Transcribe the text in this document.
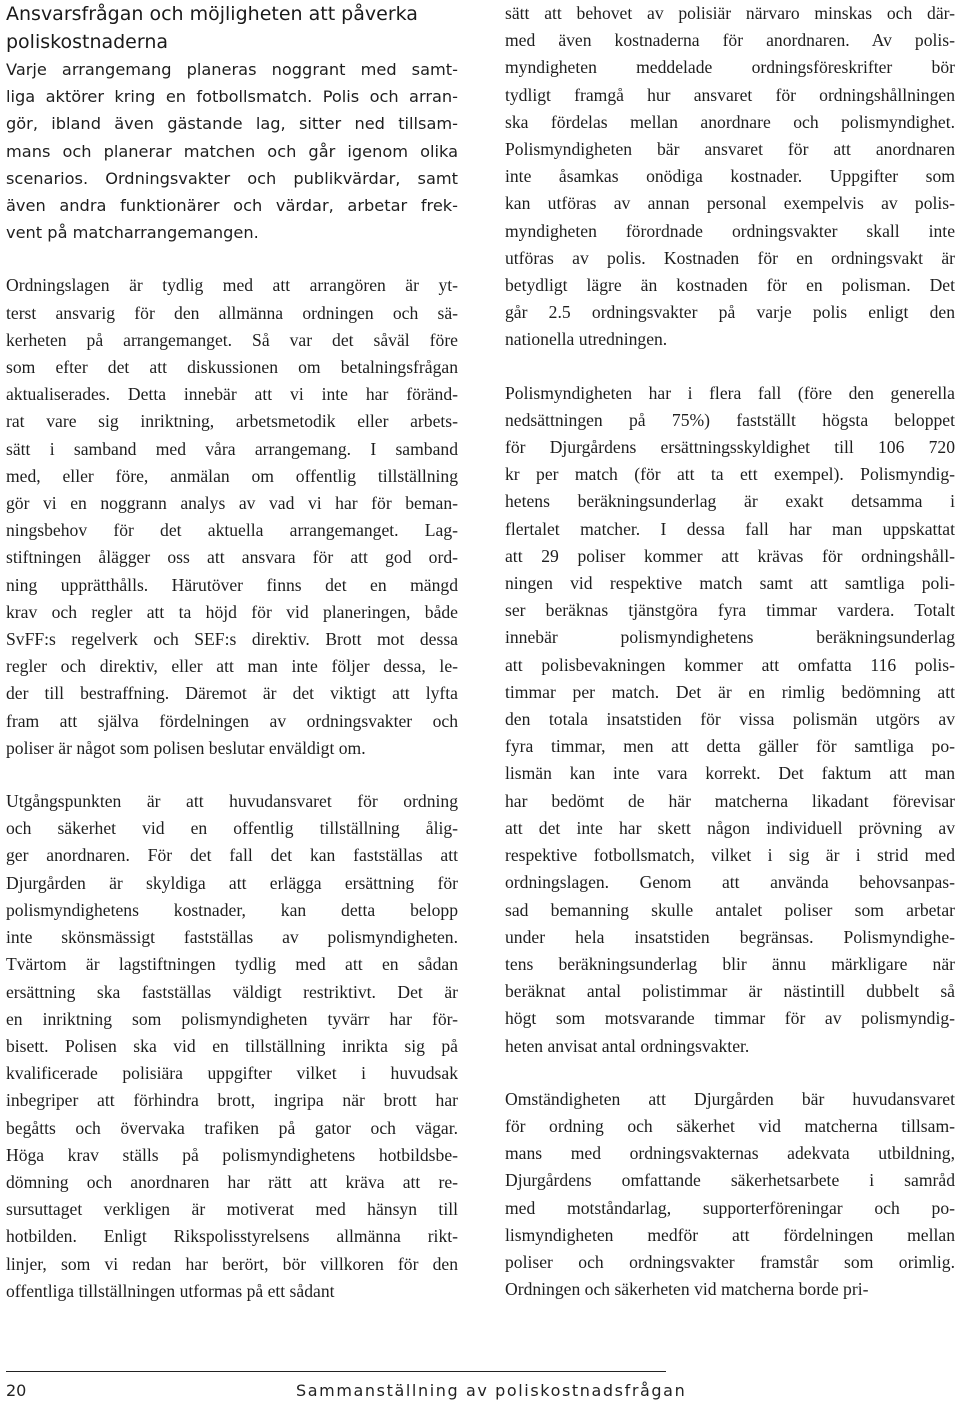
Ansvarsfrågan och möjligheten att påverka
poliskostnaderna

Varje arrangemang planeras noggrant med samt-
liga aktörer kring en fotbollsmatch. Polis och arran-
gör, ibland även gästande lag, sitter ned tillsam-
mans och planerar matchen och går igenom olika
scenarios. Ordningsvakter och publikvärdar, samt
även andra funktionärer och värdar, arbetar frek-
vent på matcharrangemangen.

Ordningslagen är tydlig med att arrangören är yt-
terst ansvarig för den allmänna ordningen och sä-
kerheten på arrangemanget. Så var det såväl före
som efter det att diskussionen om betalningsfrågan
aktualiserades. Detta innebär att vi inte har föränd-
rat vare sig inriktning, arbetsmetodik eller arbets-
sätt i samband med våra arrangemang. I samband
med, eller före, anmälan om offentlig tillställning
gör vi en noggrann analys av vad vi har för beman-
ningsbehov för det aktuella arrangemanget. Lag-
stiftningen ålägger oss att ansvara för att god ord-
ning upprätthålls. Härutöver finns det en mängd
krav och regler att ta höjd för vid planeringen, både
SvFF:s regelverk och SEF:s direktiv. Brott mot dessa
regler och direktiv, eller att man inte följer dessa, le-
der till bestraffning. Däremot är det viktigt att lyfta
fram att själva fördelningen av ordningsvakter och
poliser är något som polisen beslutar enväldigt om.

Utgångspunkten är att huvudansvaret för ordning
och säkerhet vid en offentlig tillställning ålig-
ger anordnaren. För det fall det kan fastställas att
Djurgården är skyldiga att erlägga ersättning för
polismyndighetens kostnader, kan detta belopp
inte skönsmässigt fastställas av polismyndigheten.
Tvärtom är lagstiftningen tydlig med att en sådan
ersättning ska fastställas väldigt restriktivt. Det är
en inriktning som polismyndigheten tyvärr har för-
bisett. Polisen ska vid en tillställning inrikta sig på
kvalificerade polisiära uppgifter vilket i huvudsak
inbegriper att förhindra brott, ingripa när brott har
begåtts och övervaka trafiken på gator och vägar.
Höga krav ställs på polismyndighetens hotbildsbe-
dömning och anordnaren har rätt att kräva att re-
sursuttaget verkligen är motiverat med hänsyn till
hotbilden. Enligt Rikspolisstyrelsens allmänna rikt-
linjer, som vi redan har berört, bör villkoren för den
offentliga tillställningen utformas på ett sådant

sätt att behovet av polisiär närvaro minskas och där-
med även kostnaderna för anordnaren. Av polis-
myndigheten meddelade ordningsföreskrifter bör
tydligt framgå hur ansvaret för ordningshållningen
ska fördelas mellan anordnare och polismyndighet.
Polismyndigheten bär ansvaret för att anordnaren
inte åsamkas onödiga kostnader. Uppgifter som
kan utföras av annan personal exempelvis av polis-
myndigheten förordnade ordningsvakter skall inte
utföras av polis. Kostnaden för en ordningsvakt är
betydligt lägre än kostnaden för en polisman. Det
går 2.5 ordningsvakter på varje polis enligt den
nationella utredningen.

Polismyndigheten har i flera fall (före den generella
nedsättningen på 75%) fastställt högsta beloppet
för Djurgårdens ersättningsskyldighet till 106 720
kr per match (för att ta ett exempel). Polismyndig-
hetens beräkningsunderlag är exakt detsamma i
flertalet matcher. I dessa fall har man uppskattat
att 29 poliser kommer att krävas för ordningshåll-
ningen vid respektive match samt att samtliga poli-
ser beräknas tjänstgöra fyra timmar vardera. Totalt
innebär polismyndighetens beräkningsunderlag
att polisbevakningen kommer att omfatta 116 polis-
timmar per match. Det är en rimlig bedömning att
den totala insatstiden för vissa polismän utgörs av
fyra timmar, men att detta gäller för samtliga po-
lismän kan inte vara korrekt. Det faktum att man
har bedömt de här matcherna likadant förevisar
att det inte har skett någon individuell prövning av
respektive fotbollsmatch, vilket i sig är i strid med
ordningslagen. Genom att använda behovsanpas-
sad bemanning skulle antalet poliser som arbetar
under hela insatstiden begränsas. Polismyndighe-
tens beräkningsunderlag blir ännu märkligare när
beräknat antal polistimmar är nästintill dubbelt så
högt som motsvarande timmar för av polismyndig-
heten anvisat antal ordningsvakter.

Omständigheten att Djurgården bär huvudansvaret
för ordning och säkerhet vid matcherna tillsam-
mans med ordningsvakternas adekvata utbildning,
Djurgårdens omfattande säkerhetsarbete i samråd
med motståndarlag, supporterföreningar och po-
lismyndigheten medför att fördelningen mellan
poliser och ordningsvakter framstår som orimlig.
Ordningen och säkerheten vid matcherna borde pri-

20	Sammanställning av poliskostnadsfrågan
